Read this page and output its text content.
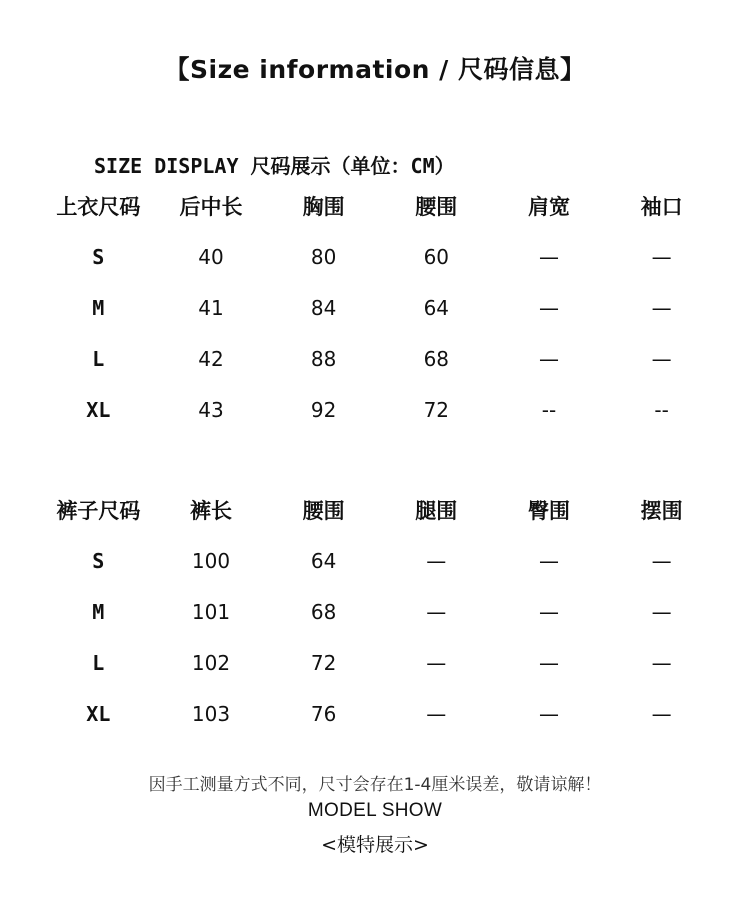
【Size information / 尺码信息】
SIZE DISPLAY 尺码展示（单位：CM）
上衣尺码	后中长	胸围	腰围	肩宽	袖口
S	40	80	60	—	—
M	41	84	64	—	—
L	42	88	68	—	—
XL	43	92	72	--	--
裤子尺码	裤长	腰围	腿围	臀围	摆围
S	100	64	—	—	—
M	101	68	—	—	—
L	102	72	—	—	—
XL	103	76	—	—	—
因手工测量方式不同，尺寸会存在1-4厘米误差，敬请谅解！
MODEL SHOW
<模特展示>
